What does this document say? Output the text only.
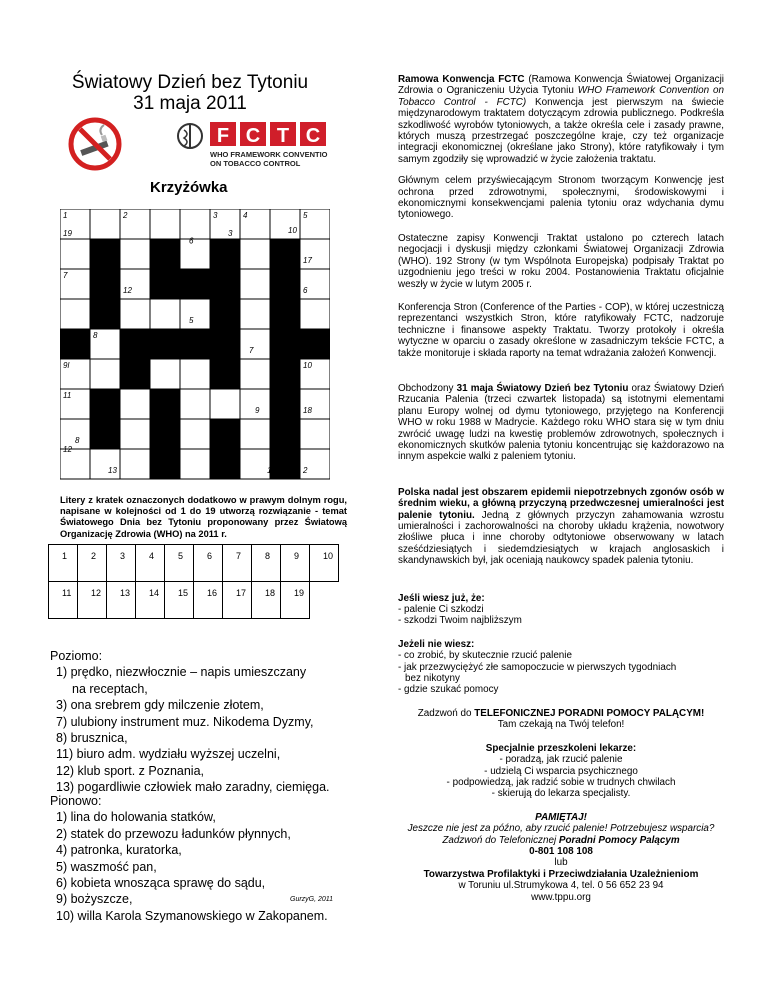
Światowy Dzień bez Tytoniu
31 maja 2011
F C T C
WHO FRAMEWORK CONVENTION
ON TOBACCO CONTROL
Krzyżówka
1	2	3	4	5
19	3	10
6
17
7
15	12	4	6
5
8
1	7
9l	10
11
9	18
8
12
11
13
13	16	14	2
Litery z kratek oznaczonych dodatkowo w prawym dolnym rogu, napisane w kolejności od 1 do 19 utworzą rozwiązanie - temat Światowego Dnia bez Tytoniu proponowany przez Światową Organizację Zdrowia (WHO) na 2011 r.
1	2	3	4	5	6	7	8	9	10
11 12 13 14 15 16 17 18 19
Poziomo:
1) prędko, niezwłocznie – napis umieszczany
na receptach,
3) ona srebrem gdy milczenie złotem,
7) ulubiony instrument muz. Nikodema Dyzmy,
8) brusznica,
11) biuro adm. wydziału wyższej uczelni,
12) klub sport. z Poznania,
13) pogardliwie człowiek mało zaradny, ciemięga.
Pionowo:
1) lina do holowania statków,
2) statek do przewozu ładunków płynnych,
4) patronka, kuratorka,
5) waszmość pan,
6) kobieta wnosząca sprawę do sądu,
9) bożyszcze,
10) willa Karola Szymanowskiego w Zakopanem.
GurzyG, 2011

Ramowa Konwencja FCTC (Ramowa Konwencja Światowej Organizacji Zdrowia o Ograniczeniu Użycia Tytoniu WHO Framework Convention on Tobacco Control - FCTC) Konwencja jest pierwszym na świecie międzynarodowym traktatem dotyczącym zdrowia publicznego. Podkreśla szkodliwość wyrobów tytoniowych, a także określa cele i zasady prawne, których muszą przestrzegać poszczególne kraje, czy też organizacje integracji ekonomicznej (określane jako Strony), które ratyfikowały i tym samym zgodziły się wprowadzić w życie założenia traktatu.

Głównym celem przyświecającym Stronom tworzącym Konwencję jest ochrona przed zdrowotnymi, społecznymi, środowiskowymi i ekonomicznymi konsekwencjami palenia tytoniu oraz wdychania dymu tytoniowego.

Ostateczne zapisy Konwencji Traktat ustalono po czterech latach negocjacji i dyskusji między członkami Światowej Organizacji Zdrowia (WHO). 192 Strony (w tym Wspólnota Europejska) podpisały Traktat po uzgodnieniu jego treści w roku 2004. Postanowienia Traktatu oficjalnie weszły w życie w lutym 2005 r.

Konferencja Stron (Conference of the Parties - COP), w której uczestniczą reprezentanci wszystkich Stron, które ratyfikowały FCTC, nadzoruje techniczne i finansowe aspekty Traktatu. Tworzy protokoły i określa wytyczne w oparciu o zasady określone w zasadniczym tekście FCTC, a także monitoruje i składa raporty na temat wdrażania założeń Konwencji.

Obchodzony 31 maja Światowy Dzień bez Tytoniu oraz Światowy Dzień Rzucania Palenia (trzeci czwartek listopada) są istotnymi elementami planu Europy wolnej od dymu tytoniowego, przyjętego na Konferencji WHO w roku 1988 w Madrycie. Każdego roku WHO stara się w tym dniu zwrócić uwagę ludzi na kwestię problemów zdrowotnych, społecznych i ekonomicznych skutków palenia tytoniu koncentrując się każdorazowo na innym aspekcie walki z paleniem tytoniu.

Polska nadal jest obszarem epidemii niepotrzebnych zgonów osób w średnim wieku, a główną przyczyną przedwczesnej umieralności jest palenie tytoniu. Jedną z głównych przyczyn zahamowania wzrostu umieralności i zachorowalności na choroby układu krążenia, nowotwory złośliwe płuca i inne choroby odtytoniowe obserwowany w latach sześćdziesiątych i siedemdziesiątych w krajach anglosaskich i skandynawskich był, jak oceniają naukowcy spadek palenia tytoniu.

Jeśli wiesz już, że:
- palenie Ci szkodzi
- szkodzi Twoim najbliższym
Jeżeli nie wiesz:
- co zrobić, by skutecznie rzucić palenie
- jak przezwyciężyć złe samopoczucie w pierwszych tygodniach
bez nikotyny
- gdzie szukać pomocy
Zadzwoń do TELEFONICZNEJ PORADNI POMOCY PALĄCYM!
Tam czekają na Twój telefon!
Specjalnie przeszkoleni lekarze:
- poradzą, jak rzucić palenie
- udzielą Ci wsparcia psychicznego
- podpowiedzą, jak radzić sobie w trudnych chwilach
- skierują do lekarza specjalisty.
PAMIĘTAJ!
Jeszcze nie jest za późno, aby rzucić palenie! Potrzebujesz wsparcia? Zadzwoń do Telefonicznej Poradni Pomocy Palącym
0-801 108 108
lub
Towarzystwa Profilaktyki i Przeciwdziałania Uzależnieniom
w Toruniu ul.Strumykowa 4, tel. 0 56 652 23 94
www.tppu.org
